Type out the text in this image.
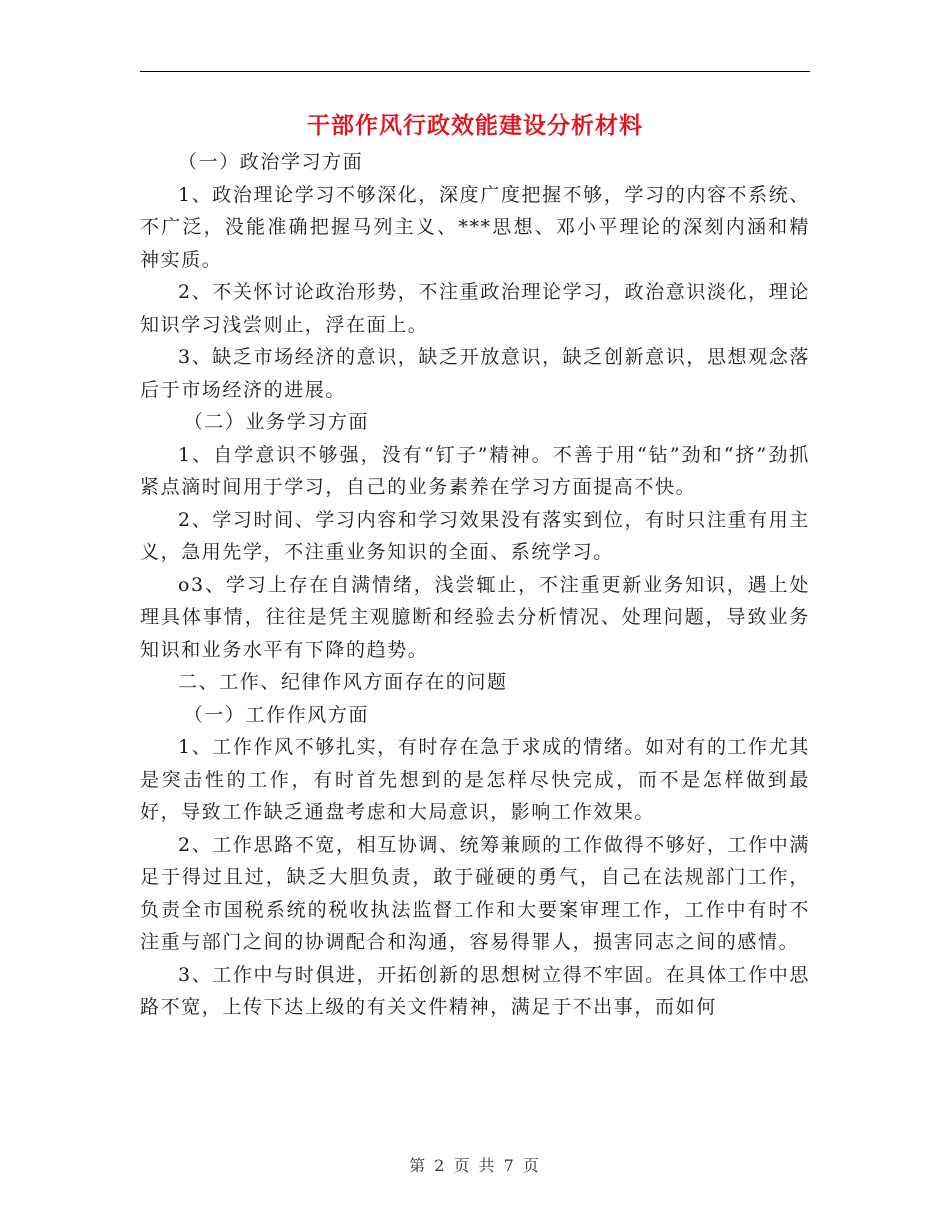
干部作风行政效能建设分析材料

（一）政治学习方面

1、政治理论学习不够深化，深度广度把握不够，学习的内容不系统、不广泛，没能准确把握马列主义、***思想、邓小平理论的深刻内涵和精神实质。

2、不关怀讨论政治形势，不注重政治理论学习，政治意识淡化，理论知识学习浅尝则止，浮在面上。

3、缺乏市场经济的意识，缺乏开放意识，缺乏创新意识，思想观念落后于市场经济的进展。

（二）业务学习方面

1、自学意识不够强，没有“钉子”精神。不善于用“钻”劲和“挤”劲抓紧点滴时间用于学习，自己的业务素养在学习方面提高不快。

2、学习时间、学习内容和学习效果没有落实到位，有时只注重有用主义，急用先学，不注重业务知识的全面、系统学习。

o3、学习上存在自满情绪，浅尝辄止，不注重更新业务知识，遇上处理具体事情，往往是凭主观臆断和经验去分析情况、处理问题，导致业务知识和业务水平有下降的趋势。

二、工作、纪律作风方面存在的问题

（一）工作作风方面

1、工作作风不够扎实，有时存在急于求成的情绪。如对有的工作尤其是突击性的工作，有时首先想到的是怎样尽快完成，而不是怎样做到最好，导致工作缺乏通盘考虑和大局意识，影响工作效果。

2、工作思路不宽，相互协调、统筹兼顾的工作做得不够好，工作中满足于得过且过，缺乏大胆负责，敢于碰硬的勇气，自己在法规部门工作，负责全市国税系统的税收执法监督工作和大要案审理工作，工作中有时不注重与部门之间的协调配合和沟通，容易得罪人，损害同志之间的感情。

3、工作中与时俱进，开拓创新的思想树立得不牢固。在具体工作中思路不宽，上传下达上级的有关文件精神，满足于不出事，而如何

第 2 页 共 7 页
